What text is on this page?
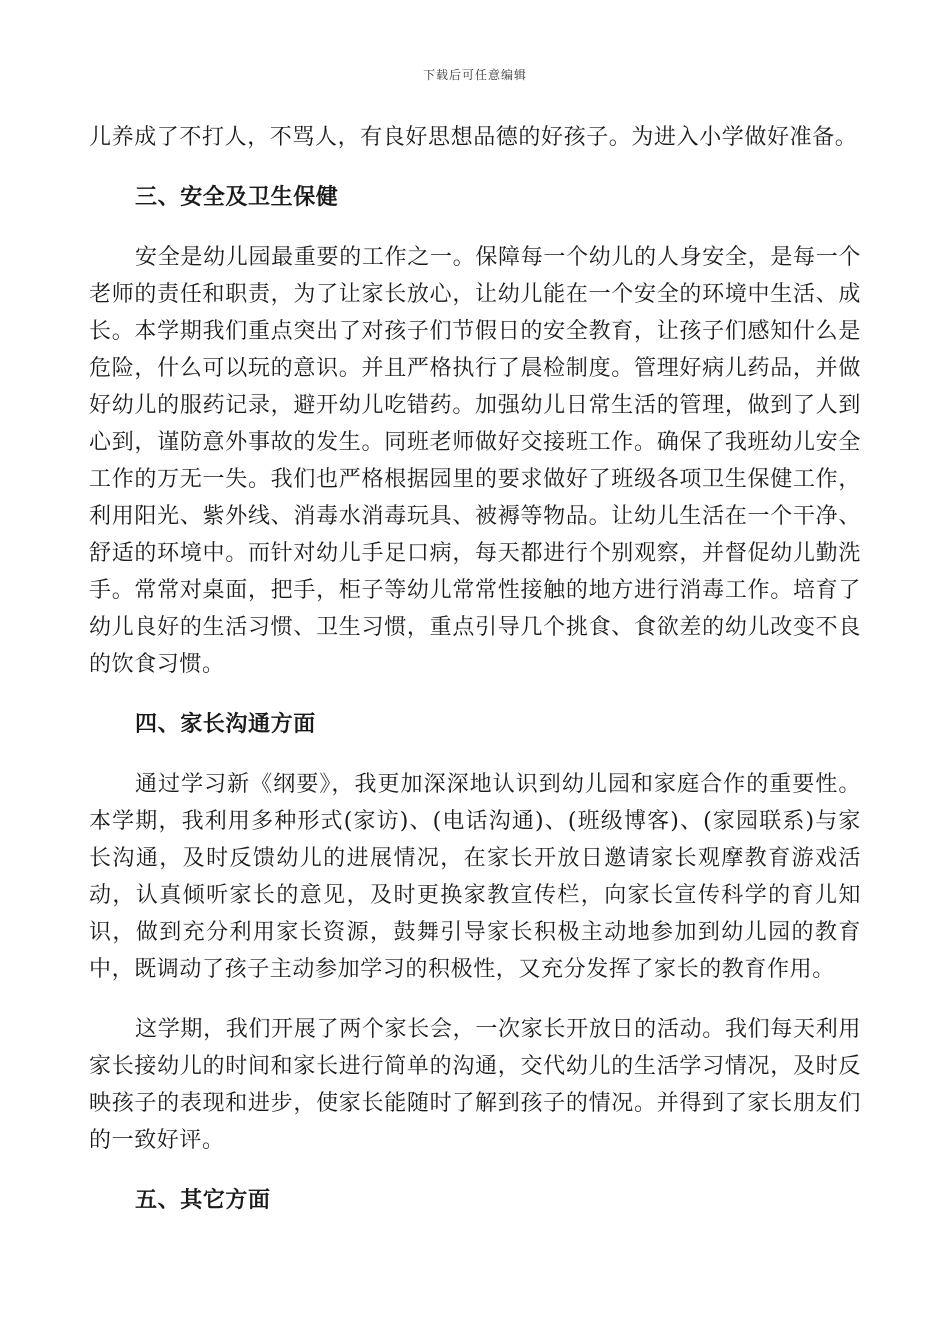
下载后可任意编辑

儿养成了不打人，不骂人，有良好思想品德的好孩子。为进入小学做好准备。

三、安全及卫生保健

安全是幼儿园最重要的工作之一。保障每一个幼儿的人身安全，是每一个老师的责任和职责，为了让家长放心，让幼儿能在一个安全的环境中生活、成长。本学期我们重点突出了对孩子们节假日的安全教育，让孩子们感知什么是危险，什么可以玩的意识。并且严格执行了晨检制度。管理好病儿药品，并做好幼儿的服药记录，避开幼儿吃错药。加强幼儿日常生活的管理，做到了人到心到，谨防意外事故的发生。同班老师做好交接班工作。确保了我班幼儿安全工作的万无一失。我们也严格根据园里的要求做好了班级各项卫生保健工作，利用阳光、紫外线、消毒水消毒玩具、被褥等物品。让幼儿生活在一个干净、舒适的环境中。而针对幼儿手足口病，每天都进行个别观察，并督促幼儿勤洗手。常常对桌面，把手，柜子等幼儿常常性接触的地方进行消毒工作。培育了幼儿良好的生活习惯、卫生习惯，重点引导几个挑食、食欲差的幼儿改变不良的饮食习惯。

四、家长沟通方面

通过学习新《纲要》，我更加深深地认识到幼儿园和家庭合作的重要性。本学期，我利用多种形式(家访)、(电话沟通)、(班级博客)、(家园联系)与家长沟通，及时反馈幼儿的进展情况，在家长开放日邀请家长观摩教育游戏活动，认真倾听家长的意见，及时更换家教宣传栏，向家长宣传科学的育儿知识，做到充分利用家长资源，鼓舞引导家长积极主动地参加到幼儿园的教育中，既调动了孩子主动参加学习的积极性，又充分发挥了家长的教育作用。

这学期，我们开展了两个家长会，一次家长开放日的活动。我们每天利用家长接幼儿的时间和家长进行简单的沟通，交代幼儿的生活学习情况，及时反映孩子的表现和进步，使家长能随时了解到孩子的情况。并得到了家长朋友们的一致好评。

五、其它方面
